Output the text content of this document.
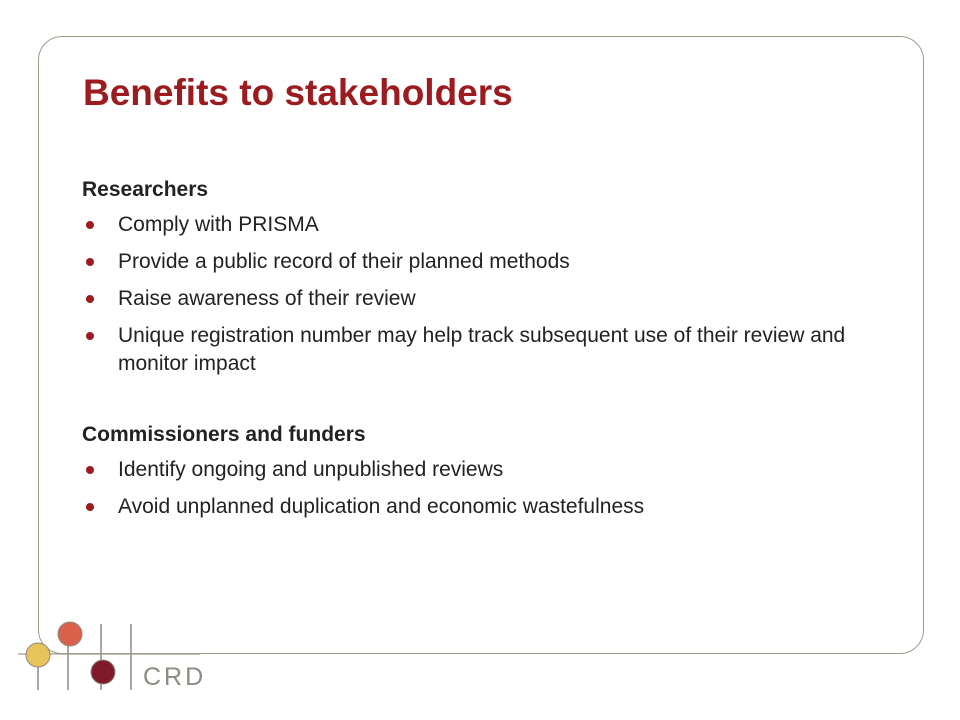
Benefits to stakeholders
Researchers
Comply with PRISMA
Provide a public record of their planned methods
Raise awareness of their review
Unique registration number may help track subsequent use of their review and monitor impact
Commissioners and funders
Identify ongoing and unpublished reviews
Avoid unplanned duplication and economic wastefulness
CRD
